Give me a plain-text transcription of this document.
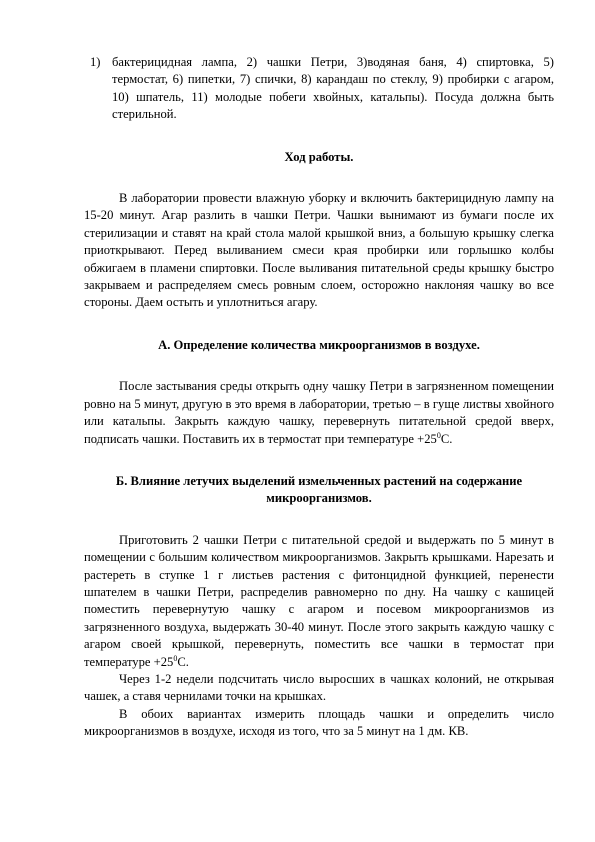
1) бактерицидная лампа, 2) чашки Петри, 3)водяная баня, 4) спиртовка, 5) термостат, 6) пипетки, 7) спички, 8) карандаш по стеклу, 9) пробирки с агаром, 10) шпатель, 11) молодые побеги хвойных, катальпы). Посуда должна быть стерильной.
Ход работы.

В лаборатории провести влажную уборку и включить бактерицидную лампу на 15-20 минут. Агар разлить в чашки Петри. Чашки вынимают из бумаги после их стерилизации и ставят на край стола малой крышкой вниз, а большую крышку слегка приоткрывают. Перед выливанием смеси края пробирки или горлышко колбы обжигаем в пламени спиртовки. После выливания питательной среды крышку быстро закрываем и распределяем смесь ровным слоем, осторожно наклоняя чашку во все стороны. Даем остыть и уплотниться агару.

А. Определение количества микроорганизмов в воздухе.

После застывания среды открыть одну чашку Петри в загрязненном помещении ровно на 5 минут, другую в это время в лаборатории, третью – в гуще листвы хвойного или катальпы. Закрыть каждую чашку, перевернуть питательной средой вверх, подписать чашки. Поставить их в термостат при температуре $+25^0С$.

Б. Влияние летучих выделений измельченных растений на содержание микроорганизмов.

Приготовить 2 чашки Петри с питательной средой и выдержать по 5 минут в помещении с большим количеством микроорганизмов. Закрыть крышками. Нарезать и растереть в ступке 1 г листьев растения с фитонцидной функцией, перенести шпателем в чашки Петри, распределив равномерно по дну. На чашку с кашицей поместить перевернутую чашку с агаром и посевом микроорганизмов из загрязненного воздуха, выдержать 30-40 минут. После этого закрыть каждую чашку с агаром своей крышкой, перевернуть, поместить все чашки в термостат при температуре $+25^0С$.

Через 1-2 недели подсчитать число выросших в чашках колоний, не открывая чашек, а ставя чернилами точки на крышках.

В обоих вариантах измерить площадь чашки и определить число микроорганизмов в воздухе, исходя из того, что за 5 минут на 1 дм. КВ.
